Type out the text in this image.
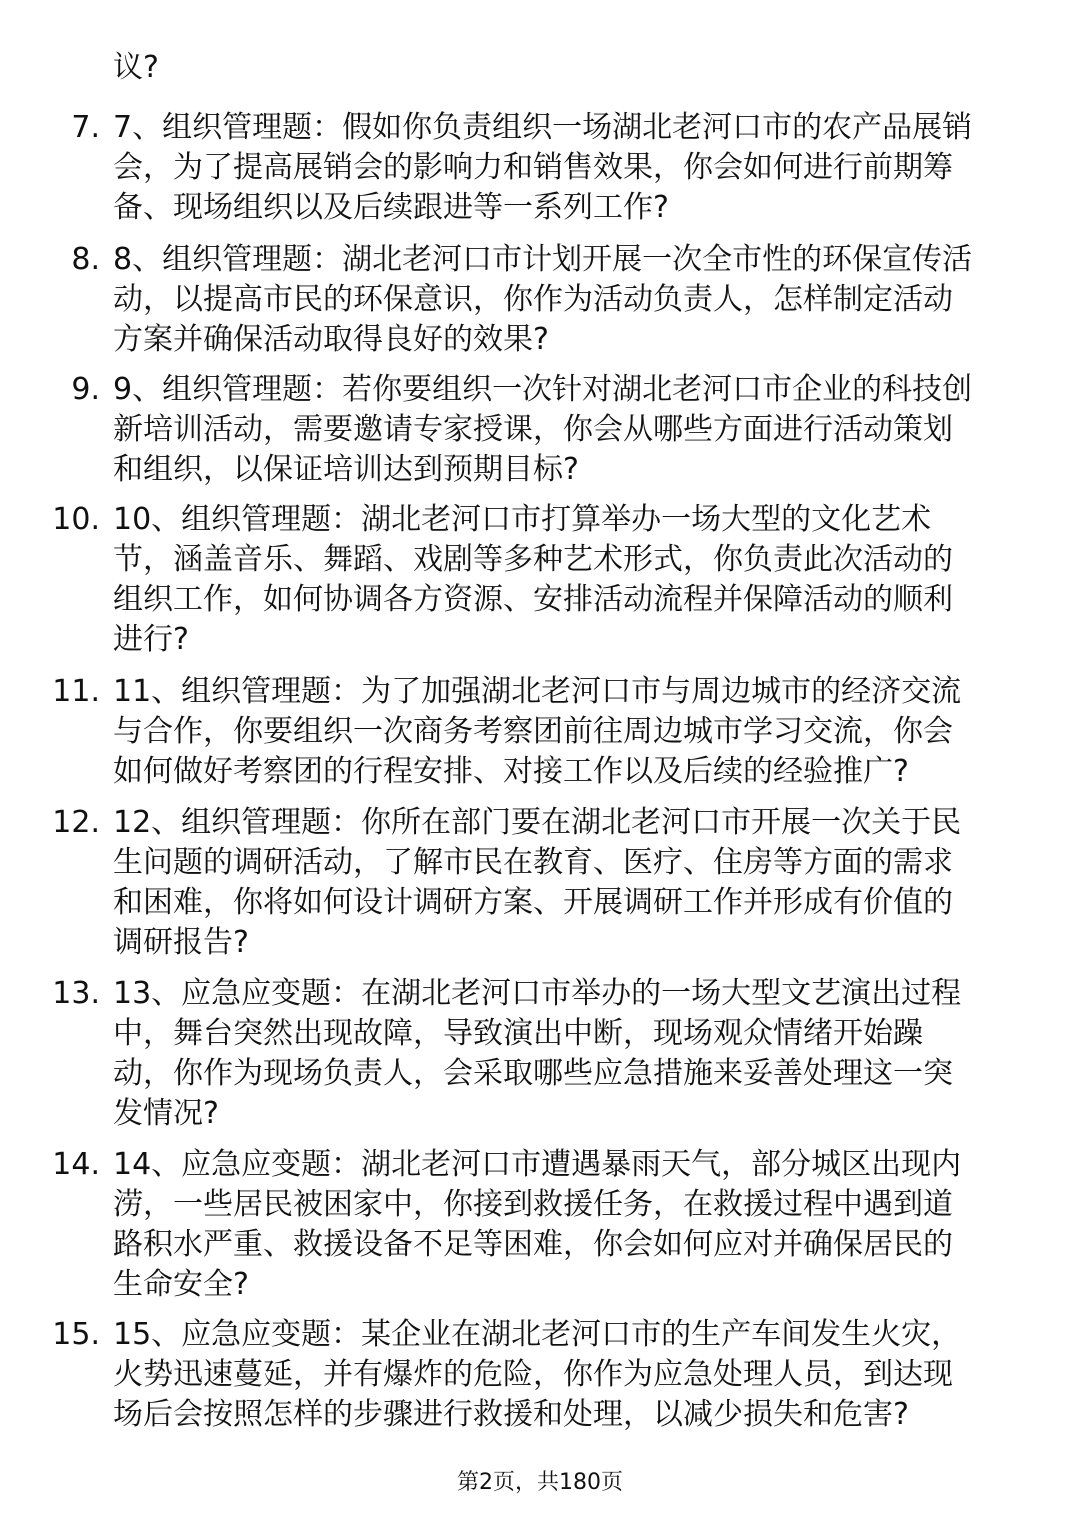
议?

7. 7、组织管理题：假如你负责组织一场湖北老河口市的农产品展销
会，为了提高展销会的影响力和销售效果，你会如何进行前期筹
备、现场组织以及后续跟进等一系列工作?

8. 8、组织管理题：湖北老河口市计划开展一次全市性的环保宣传活
动，以提高市民的环保意识，你作为活动负责人，怎样制定活动
方案并确保活动取得良好的效果?

9. 9、组织管理题：若你要组织一次针对湖北老河口市企业的科技创
新培训活动，需要邀请专家授课，你会从哪些方面进行活动策划
和组织，以保证培训达到预期目标?

10. 10、组织管理题：湖北老河口市打算举办一场大型的文化艺术
节，涵盖音乐、舞蹈、戏剧等多种艺术形式，你负责此次活动的
组织工作，如何协调各方资源、安排活动流程并保障活动的顺利
进行?

11. 11、组织管理题：为了加强湖北老河口市与周边城市的经济交流
与合作，你要组织一次商务考察团前往周边城市学习交流，你会
如何做好考察团的行程安排、对接工作以及后续的经验推广?

12. 12、组织管理题：你所在部门要在湖北老河口市开展一次关于民
生问题的调研活动，了解市民在教育、医疗、住房等方面的需求
和困难，你将如何设计调研方案、开展调研工作并形成有价值的
调研报告?

13. 13、应急应变题：在湖北老河口市举办的一场大型文艺演出过程
中，舞台突然出现故障，导致演出中断，现场观众情绪开始躁
动，你作为现场负责人，会采取哪些应急措施来妥善处理这一突
发情况?

14. 14、应急应变题：湖北老河口市遭遇暴雨天气，部分城区出现内
涝，一些居民被困家中，你接到救援任务，在救援过程中遇到道
路积水严重、救援设备不足等困难，你会如何应对并确保居民的
生命安全?

15. 15、应急应变题：某企业在湖北老河口市的生产车间发生火灾，
火势迅速蔓延，并有爆炸的危险，你作为应急处理人员，到达现
场后会按照怎样的步骤进行救援和处理，以减少损失和危害?

第2页，共180页
